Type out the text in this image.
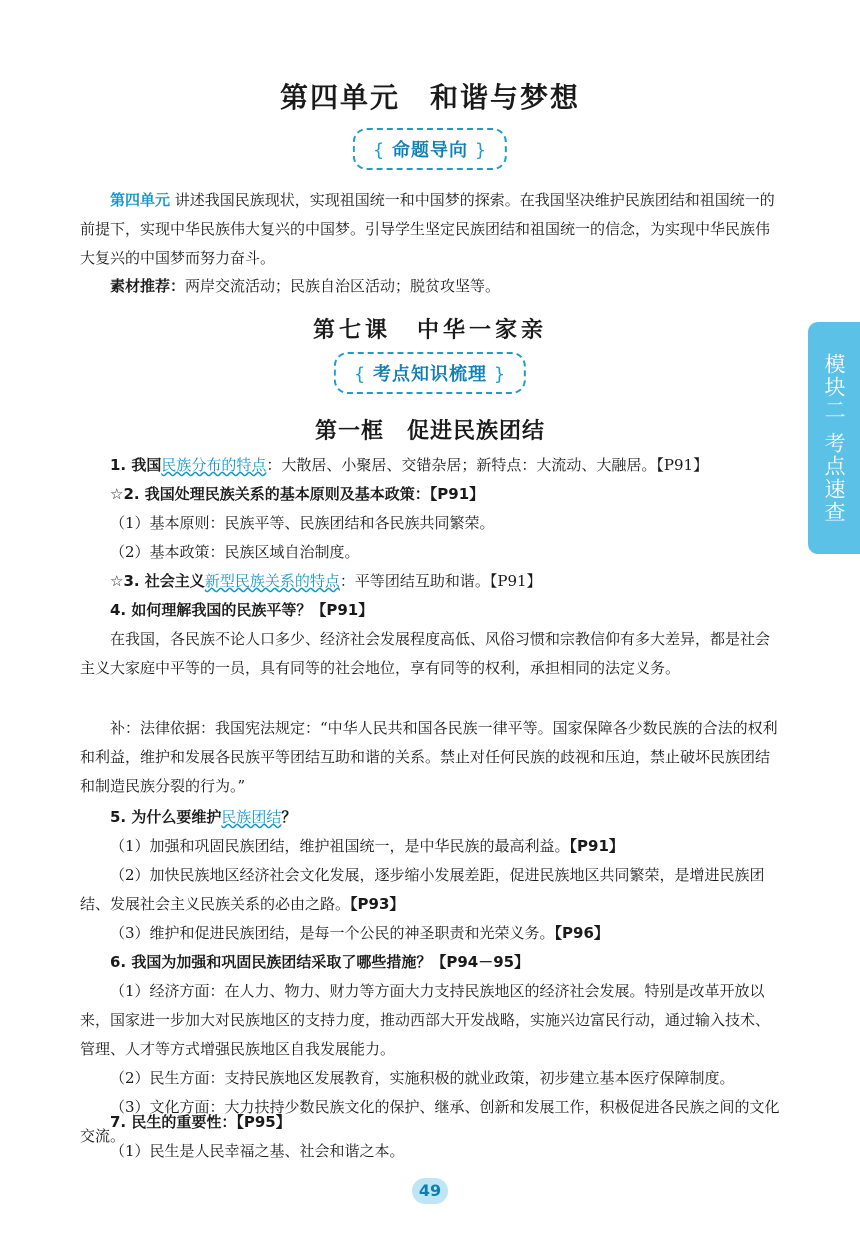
第四单元　和谐与梦想
{ 命题导向 }

第四单元 讲述我国民族现状，实现祖国统一和中国梦的探索。在我国坚决维护民族团结和祖国统一的前提下，实现中华民族伟大复兴的中国梦。引导学生坚定民族团结和祖国统一的信念，为实现中华民族伟大复兴的中国梦而努力奋斗。

素材推荐：两岸交流活动；民族自治区活动；脱贫攻坚等。

第七课　中华一家亲
{ 考点知识梳理 }
第一框　促进民族团结

1. 我国民族分布的特点：大散居、小聚居、交错杂居；新特点：大流动、大融居。【P91】

☆2. 我国处理民族关系的基本原则及基本政策：【P91】

（1）基本原则：民族平等、民族团结和各民族共同繁荣。

（2）基本政策：民族区域自治制度。

☆3. 社会主义新型民族关系的特点：平等团结互助和谐。【P91】

4. 如何理解我国的民族平等？【P91】

在我国，各民族不论人口多少、经济社会发展程度高低、风俗习惯和宗教信仰有多大差异，都是社会主义大家庭中平等的一员，具有同等的社会地位，享有同等的权利，承担相同的法定义务。

补：法律依据：我国宪法规定：“中华人民共和国各民族一律平等。国家保障各少数民族的合法的权利和利益，维护和发展各民族平等团结互助和谐的关系。禁止对任何民族的歧视和压迫，禁止破坏民族团结和制造民族分裂的行为。”

5. 为什么要维护民族团结？

（1）加强和巩固民族团结，维护祖国统一，是中华民族的最高利益。【P91】

（2）加快民族地区经济社会文化发展，逐步缩小发展差距，促进民族地区共同繁荣，是增进民族团结、发展社会主义民族关系的必由之路。【P93】

（3）维护和促进民族团结，是每一个公民的神圣职责和光荣义务。【P96】

6. 我国为加强和巩固民族团结采取了哪些措施？【P94－95】

（1）经济方面：在人力、物力、财力等方面大力支持民族地区的经济社会发展。特别是改革开放以来，国家进一步加大对民族地区的支持力度，推动西部大开发战略，实施兴边富民行动，通过输入技术、管理、人才等方式增强民族地区自我发展能力。

（2）民生方面：支持民族地区发展教育，实施积极的就业政策，初步建立基本医疗保障制度。

（3）文化方面：大力扶持少数民族文化的保护、继承、创新和发展工作，积极促进各民族之间的文化交流。

模块二
考点速查
49

7. 民生的重要性：【P95】

（1）民生是人民幸福之基、社会和谐之本。
